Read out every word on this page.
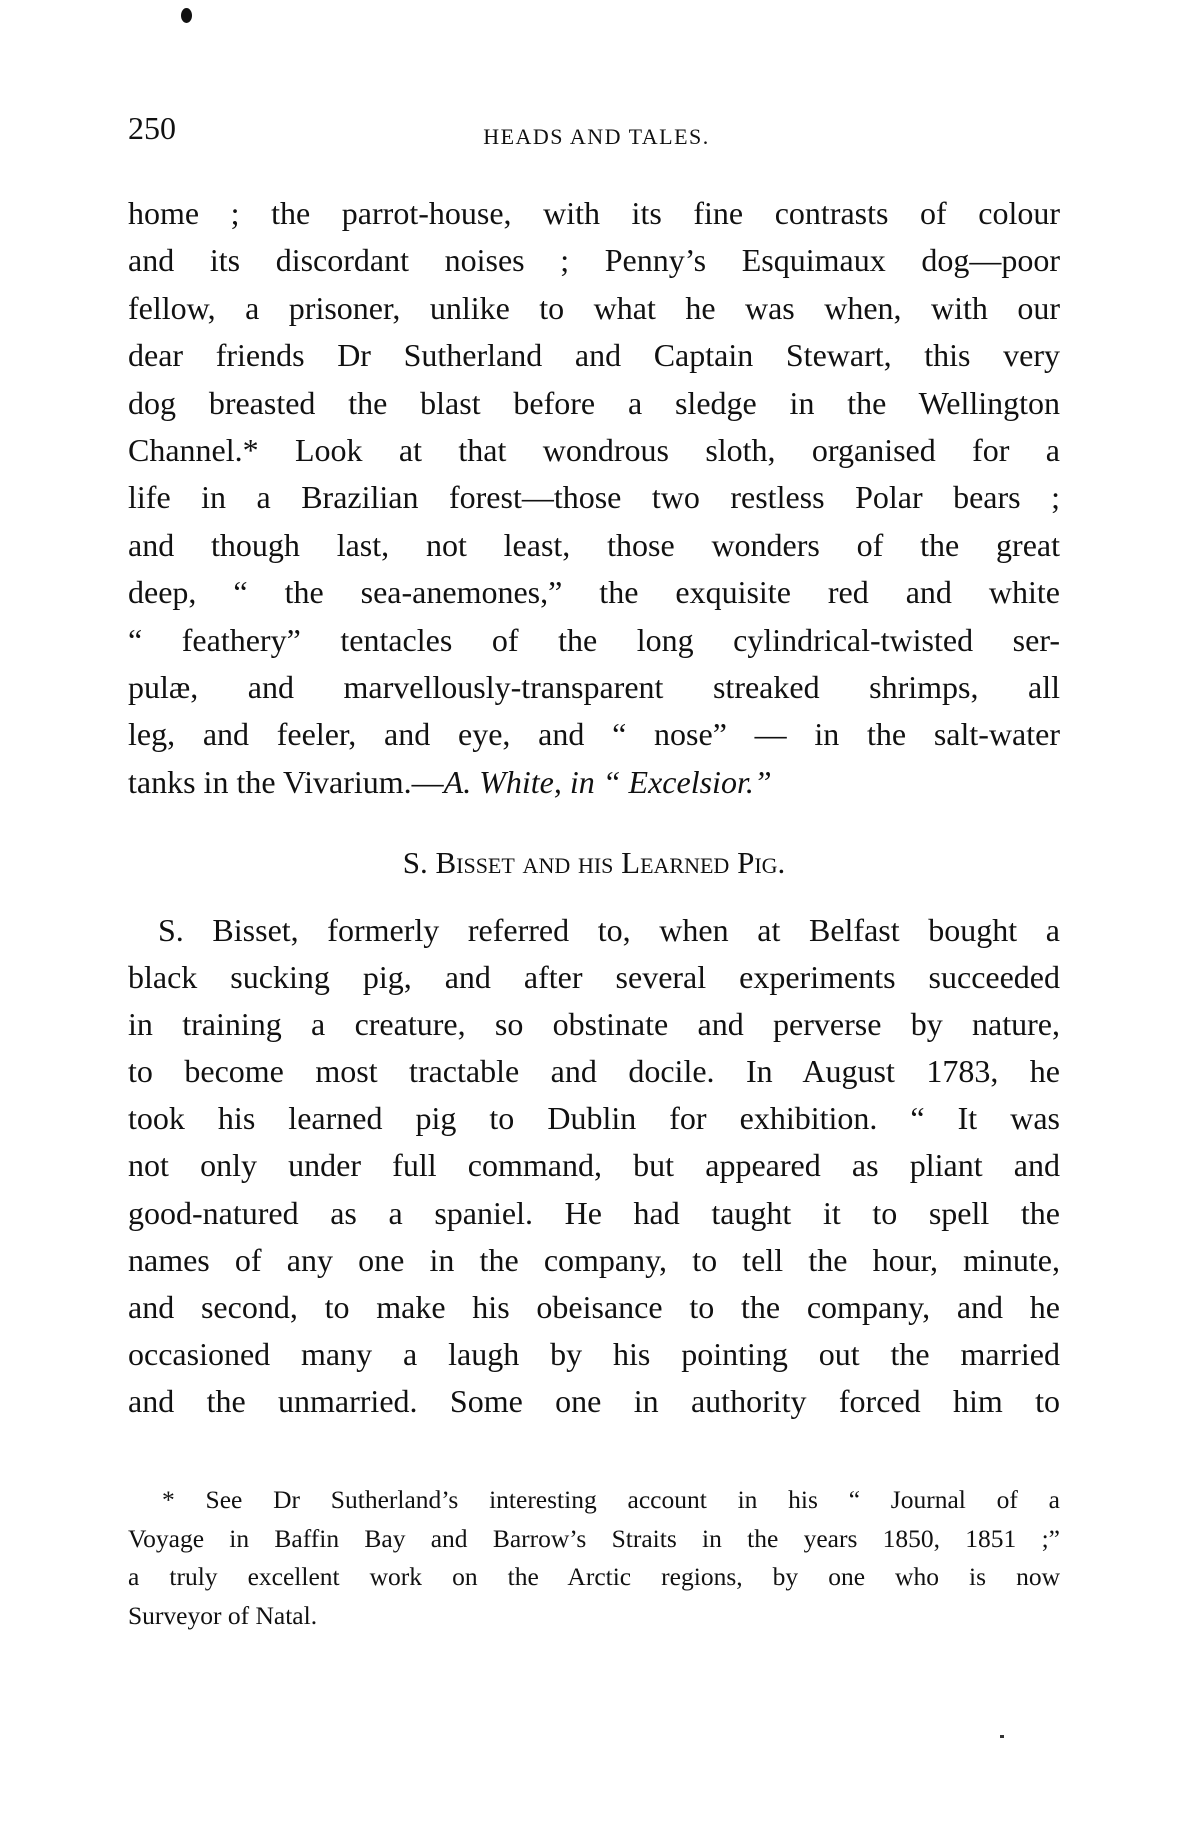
250	HEADS AND TALES.
home ; the parrot-house, with its fine contrasts of colour
and its discordant noises ; Penny’s Esquimaux dog—poor
fellow, a prisoner, unlike to what he was when, with our
dear friends Dr Sutherland and Captain Stewart, this very
dog breasted the blast before a sledge in the Wellington
Channel.* Look at that wondrous sloth, organised for a
life in a Brazilian forest—those two restless Polar bears ;
and though last, not least, those wonders of the great
deep, “ the sea-anemones,” the exquisite red and white
“ feathery” tentacles of the long cylindrical-twisted ser-
pulæ, and marvellously-transparent streaked shrimps, all
leg, and feeler, and eye, and “ nose” — in the salt-water
tanks in the Vivarium.—A. White, in “ Excelsior.”
S. Bisset and his Learned Pig.
S. Bisset, formerly referred to, when at Belfast bought a
black sucking pig, and after several experiments succeeded
in training a creature, so obstinate and perverse by nature,
to become most tractable and docile. In August 1783, he
took his learned pig to Dublin for exhibition. “ It was
not only under full command, but appeared as pliant and
good-natured as a spaniel. He had taught it to spell the
names of any one in the company, to tell the hour, minute,
and second, to make his obeisance to the company, and he
occasioned many a laugh by his pointing out the married
and the unmarried. Some one in authority forced him to
* See Dr Sutherland’s interesting account in his “ Journal of a
Voyage in Baffin Bay and Barrow’s Straits in the years 1850, 1851 ;”
a truly excellent work on the Arctic regions, by one who is now
Surveyor of Natal.
